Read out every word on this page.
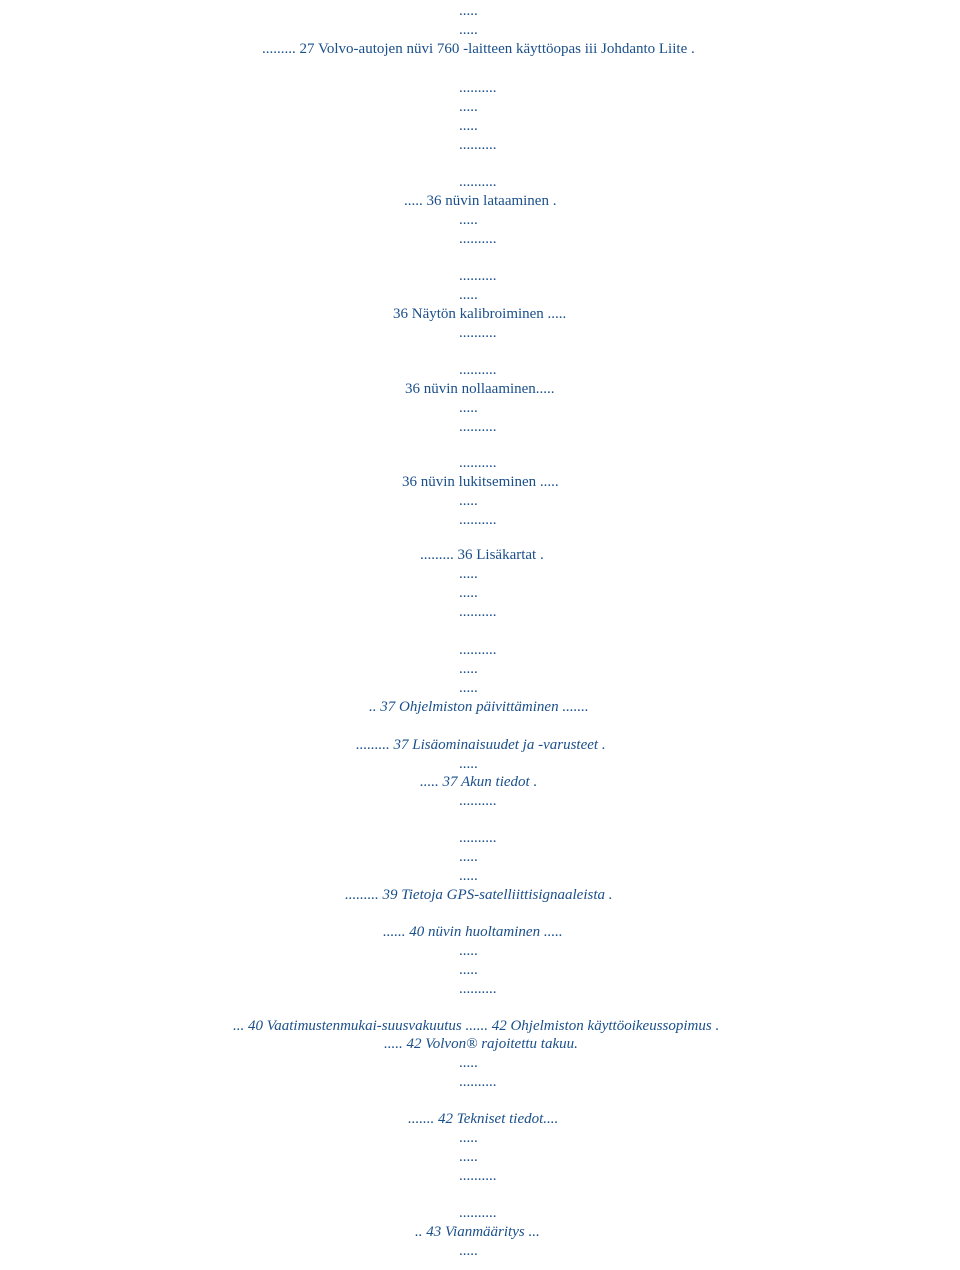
.....

.....

......... 27 Volvo-autojen nüvi 760 -laitteen käyttöopas iii Johdanto Liite .

..........

.....

.....

..........

..........

..... 36 nüvin lataaminen .

.....

..........

..........

.....

36 Näytön kalibroiminen .....

..........

..........

36 nüvin nollaaminen.....

.....

..........

..........

36 nüvin lukitseminen .....

.....

..........

......... 36 Lisäkartat .

.....

.....

..........

..........

.....

.....

.. 37 Ohjelmiston päivittäminen .......

......... 37 Lisäominaisuudet ja -varusteet .

.....

..... 37 Akun tiedot .

..........

..........

.....

.....

......... 39 Tietoja GPS-satelliittisignaaleista .

...... 40 nüvin huoltaminen .....

.....

.....

..........

... 40 Vaatimustenmukai-suusvakuutus ...... 42 Ohjelmiston käyttöoikeussopimus .

..... 42 Volvon® rajoitettu takuu.

.....

..........

....... 42 Tekniset tiedot....

.....

.....

..........

..........

.. 43 Vianmääritys ...

.....
